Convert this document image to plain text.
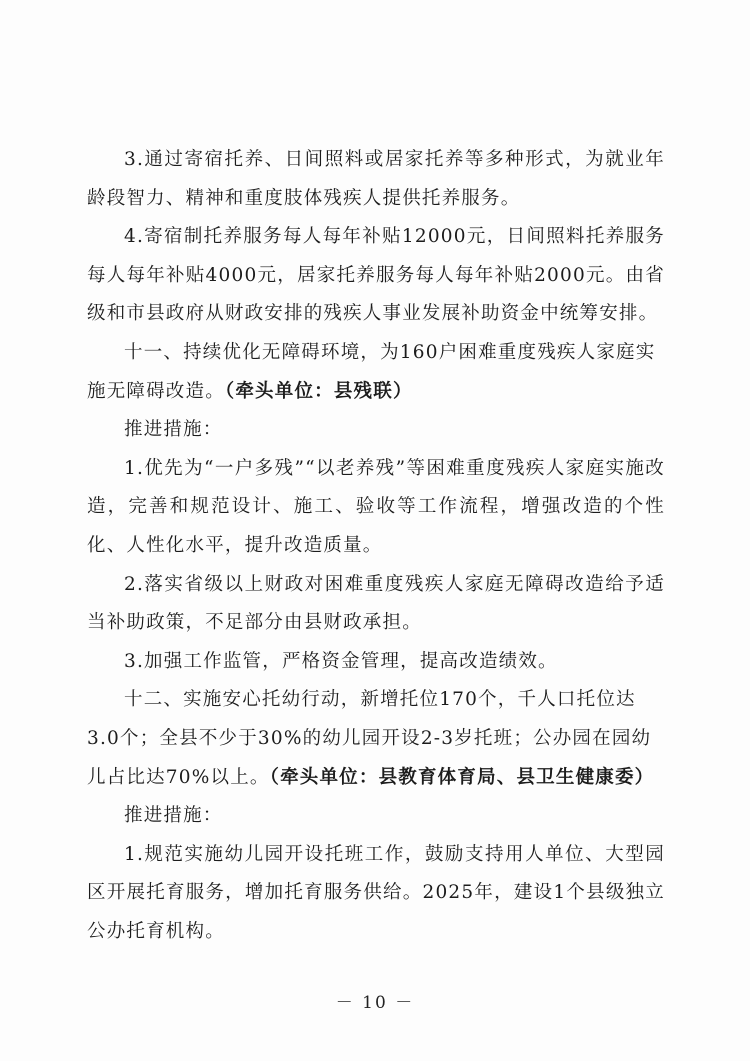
3.通过寄宿托养、日间照料或居家托养等多种形式，为就业年龄段智力、精神和重度肢体残疾人提供托养服务。

4.寄宿制托养服务每人每年补贴12000元，日间照料托养服务每人每年补贴4000元，居家托养服务每人每年补贴2000元。由省级和市县政府从财政安排的残疾人事业发展补助资金中统筹安排。

十一、持续优化无障碍环境，为160户困难重度残疾人家庭实施无障碍改造。（牵头单位：县残联）

推进措施：

1.优先为“一户多残”“以老养残”等困难重度残疾人家庭实施改造，完善和规范设计、施工、验收等工作流程，增强改造的个性化、人性化水平，提升改造质量。

2.落实省级以上财政对困难重度残疾人家庭无障碍改造给予适当补助政策，不足部分由县财政承担。

3.加强工作监管，严格资金管理，提高改造绩效。

十二、实施安心托幼行动，新增托位170个，千人口托位达3.0个；全县不少于30%的幼儿园开设2-3岁托班；公办园在园幼儿占比达70%以上。（牵头单位：县教育体育局、县卫生健康委）

推进措施：

1.规范实施幼儿园开设托班工作，鼓励支持用人单位、大型园区开展托育服务，增加托育服务供给。2025年，建设1个县级独立公办托育机构。

－ 10 －
